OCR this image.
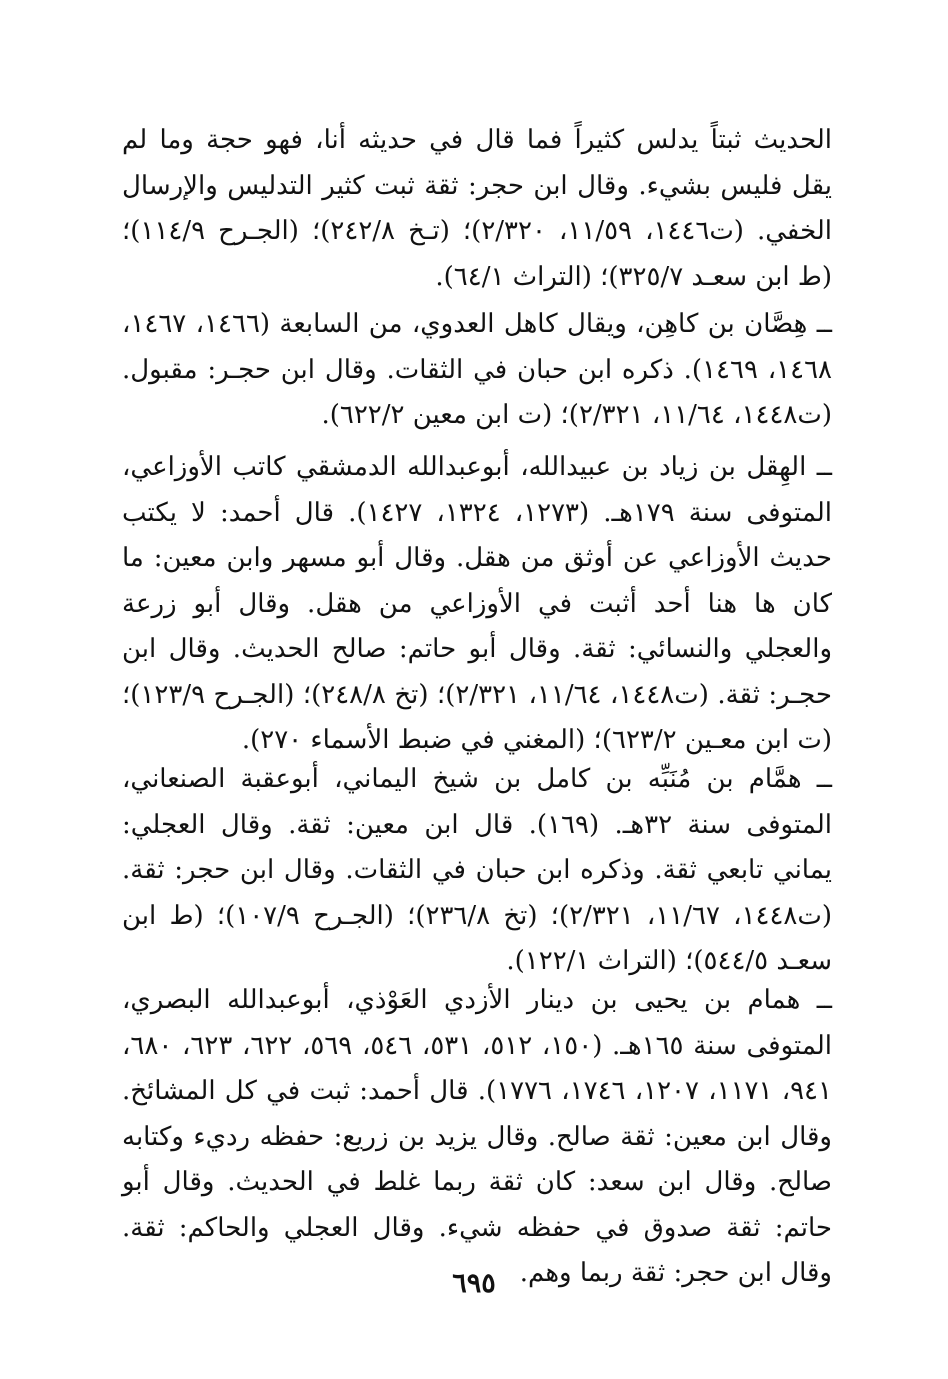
الحديث ثبتاً يدلس كثيراً فما قال في حديثه أنا، فهو حجة وما لم يقل فليس بشيء. وقال ابن حجر: ثقة ثبت كثير التدليس والإرسال الخفي. (ت١٤٤٦، ١١/٥٩، ٢/٣٢٠)؛ (تـخ ٢٤٢/٨)؛ (الجـرح ١١٤/٩)؛ (ط ابن سعـد ٣٢٥/٧)؛ (التراث ٦٤/١).

ــ هِصَّان بن كاهِن، ويقال كاهل العدوي، من السابعة (١٤٦٦، ١٤٦٧، ١٤٦٨، ١٤٦٩). ذكره ابن حبان في الثقات. وقال ابن حجـر: مقبول. (ت١٤٤٨، ١١/٦٤، ٢/٣٢١)؛ (ت ابن معين ٦٢٢/٢).

ــ الهِقل بن زياد بن عبيدالله، أبوعبدالله الدمشقي كاتب الأوزاعي، المتوفى سنة ١٧٩هـ. (١٢٧٣، ١٣٢٤، ١٤٢٧). قال أحمد: لا يكتب حديث الأوزاعي عن أوثق من هقل. وقال أبو مسهر وابن معين: ما كان ها هنا أحد أثبت في الأوزاعي من هقل. وقال أبو زرعة والعجلي والنسائي: ثقة. وقال أبو حاتم: صالح الحديث. وقال ابن حجـر: ثقة. (ت١٤٤٨، ١١/٦٤، ٢/٣٢١)؛ (تخ ٢٤٨/٨)؛ (الجـرح ١٢٣/٩)؛ (ت ابن معـين ٦٢٣/٢)؛ (المغني في ضبط الأسماء ٢٧٠).

ــ همَّام بن مُنَبِّه بن كامل بن شيخ اليماني، أبوعقبة الصنعاني، المتوفى سنة ٣٢هـ. (١٦٩). قال ابن معين: ثقة. وقال العجلي: يماني تابعي ثقة. وذكره ابن حبان في الثقات. وقال ابن حجر: ثقة. (ت١٤٤٨، ١١/٦٧، ٢/٣٢١)؛ (تخ ٢٣٦/٨)؛ (الجـرح ١٠٧/٩)؛ (ط ابن سعـد ٥٤٤/٥)؛ (التراث ١٢٢/١).

ــ همام بن يحيى بن دينار الأزدي العَوْذي، أبوعبدالله البصري، المتوفى سنة ١٦٥هـ. (١٥٠، ٥١٢، ٥٣١، ٥٤٦، ٥٦٩، ٦٢٢، ٦٢٣، ٦٨٠، ٩٤١، ١١٧١، ١٢٠٧، ١٧٤٦، ١٧٧٦). قال أحمد: ثبت في كل المشائخ. وقال ابن معين: ثقة صالح. وقال يزيد بن زريع: حفظه رديء وكتابه صالح. وقال ابن سعد: كان ثقة ربما غلط في الحديث. وقال أبو حاتم: ثقة صدوق في حفظه شيء. وقال العجلي والحاكم: ثقة. وقال ابن حجر: ثقة ربما وهم.

٦٩٥
